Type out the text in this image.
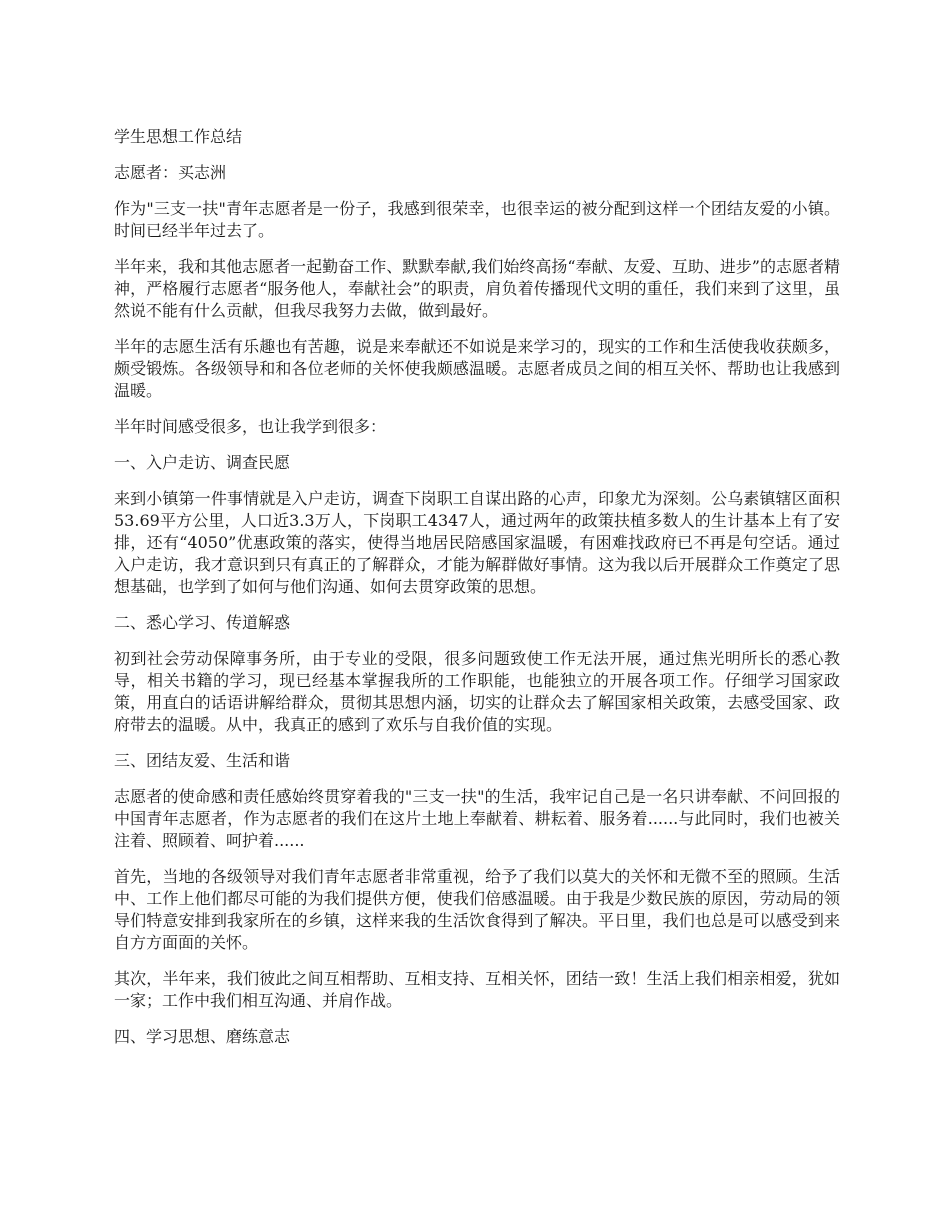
学生思想工作总结

志愿者：买志洲

作为"三支一扶"青年志愿者是一份子，我感到很荣幸，也很幸运的被分配到这样一个团结友爱的小镇。时间已经半年过去了。

半年来，我和其他志愿者一起勤奋工作、默默奉献,我们始终高扬“奉献、友爱、互助、进步”的志愿者精神，严格履行志愿者“服务他人，奉献社会”的职责，肩负着传播现代文明的重任，我们来到了这里，虽然说不能有什么贡献，但我尽我努力去做，做到最好。

半年的志愿生活有乐趣也有苦趣，说是来奉献还不如说是来学习的，现实的工作和生活使我收获颇多，颇受锻炼。各级领导和和各位老师的关怀使我颇感温暖。志愿者成员之间的相互关怀、帮助也让我感到温暖。

半年时间感受很多，也让我学到很多：

一、入户走访、调查民愿

来到小镇第一件事情就是入户走访，调查下岗职工自谋出路的心声，印象尤为深刻。公乌素镇辖区面积53.69平方公里，人口近3.3万人，下岗职工4347人，通过两年的政策扶植多数人的生计基本上有了安排，还有“4050”优惠政策的落实，使得当地居民陪感国家温暖，有困难找政府已不再是句空话。通过入户走访，我才意识到只有真正的了解群众，才能为解群做好事情。这为我以后开展群众工作奠定了思想基础，也学到了如何与他们沟通、如何去贯穿政策的思想。

二、悉心学习、传道解惑

初到社会劳动保障事务所，由于专业的受限，很多问题致使工作无法开展，通过焦光明所长的悉心教导，相关书籍的学习，现已经基本掌握我所的工作职能，也能独立的开展各项工作。仔细学习国家政策，用直白的话语讲解给群众，贯彻其思想内涵，切实的让群众去了解国家相关政策，去感受国家、政府带去的温暖。从中，我真正的感到了欢乐与自我价值的实现。

三、团结友爱、生活和谐

志愿者的使命感和责任感始终贯穿着我的"三支一扶"的生活，我牢记自己是一名只讲奉献、不问回报的中国青年志愿者，作为志愿者的我们在这片土地上奉献着、耕耘着、服务着......与此同时，我们也被关注着、照顾着、呵护着......

首先，当地的各级领导对我们青年志愿者非常重视，给予了我们以莫大的关怀和无微不至的照顾。生活中、工作上他们都尽可能的为我们提供方便，使我们倍感温暖。由于我是少数民族的原因，劳动局的领导们特意安排到我家所在的乡镇，这样来我的生活饮食得到了解决。平日里，我们也总是可以感受到来自方方面面的关怀。

其次，半年来，我们彼此之间互相帮助、互相支持、互相关怀，团结一致！生活上我们相亲相爱，犹如一家；工作中我们相互沟通、并肩作战。

四、学习思想、磨练意志
